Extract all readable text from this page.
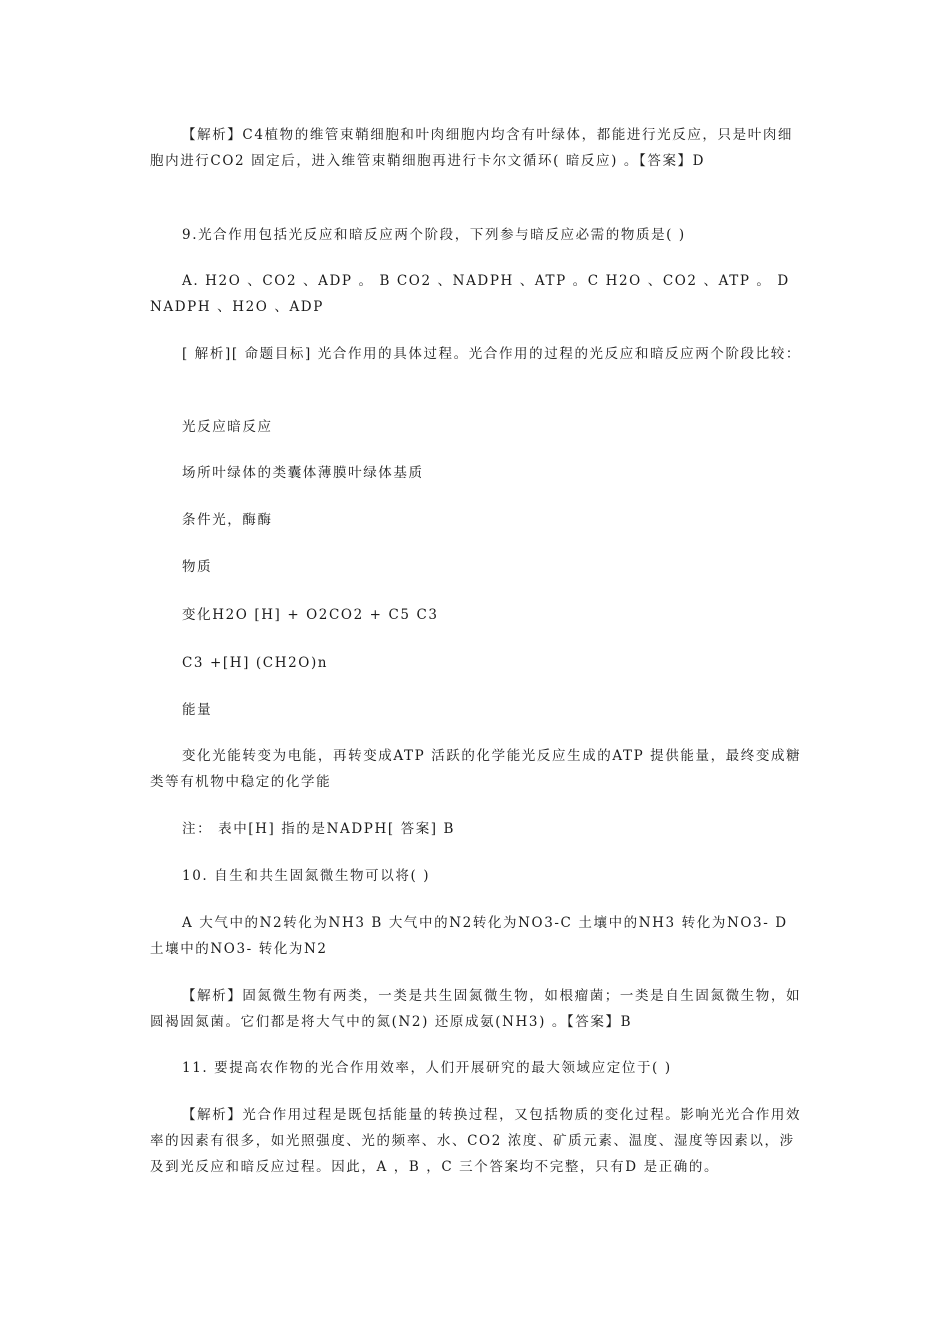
【解析】C4植物的维管束鞘细胞和叶肉细胞内均含有叶绿体，都能进行光反应，只是叶肉细胞内进行CO2 固定后，进入维管束鞘细胞再进行卡尔文循环( 暗反应) 。【答案】D

9.光合作用包括光反应和暗反应两个阶段，下列参与暗反应必需的物质是( )

A. H2O 、CO2 、ADP 。 B CO2 、NADPH 、ATP 。C H2O 、CO2 、ATP 。 D NADPH 、H2O 、ADP

[ 解析][ 命题目标] 光合作用的具体过程。光合作用的过程的光反应和暗反应两个阶段比较：

光反应暗反应

场所叶绿体的类囊体薄膜叶绿体基质

条件光，酶酶

物质

变化H2O [H] + O2CO2 + C5 C3

C3 +[H] (CH2O)n

能量

变化光能转变为电能，再转变成ATP 活跃的化学能光反应生成的ATP 提供能量，最终变成糖类等有机物中稳定的化学能

注： 表中[H] 指的是NADPH[ 答案] B

10. 自生和共生固氮微生物可以将( )

A 大气中的N2转化为NH3 B 大气中的N2转化为NO3-C 土壤中的NH3 转化为NO3- D 土壤中的NO3- 转化为N2

【解析】固氮微生物有两类，一类是共生固氮微生物，如根瘤菌；一类是自生固氮微生物，如圆褐固氮菌。它们都是将大气中的氮(N2) 还原成氨(NH3) 。【答案】B

11. 要提高农作物的光合作用效率，人们开展研究的最大领域应定位于( )

【解析】光合作用过程是既包括能量的转换过程，又包括物质的变化过程。影响光光合作用效率的因素有很多，如光照强度、光的频率、水、CO2 浓度、矿质元素、温度、湿度等因素以，涉及到光反应和暗反应过程。因此，A ，B ，C 三个答案均不完整，只有D 是正确的。
